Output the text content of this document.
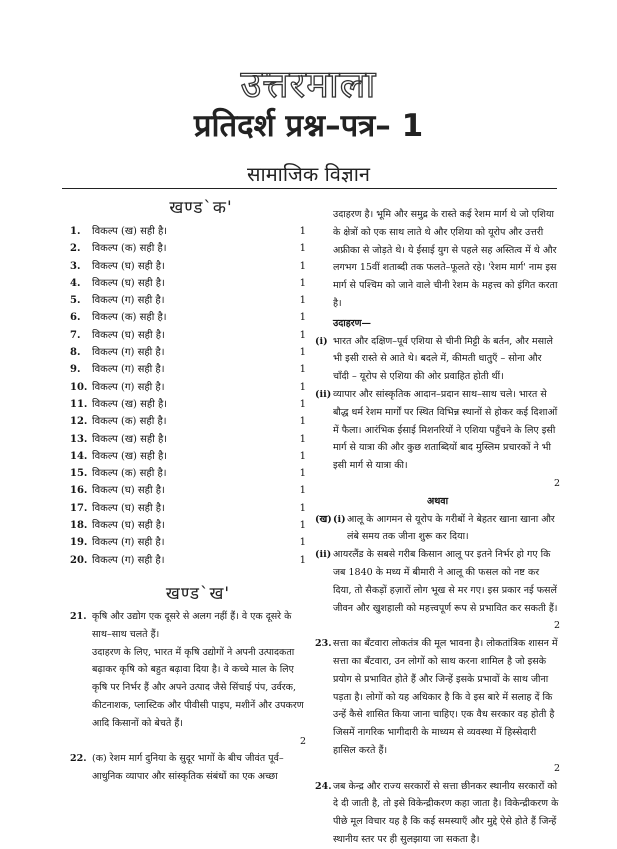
उत्तरमाला
प्रतिदर्श प्रश्न–पत्र– 1
सामाजिक विज्ञान
खण्ड`क'
1.	विकल्प (ख) सही है।	1
2.	विकल्प (क) सही है।	1
3.	विकल्प (घ) सही है।	1
4.	विकल्प (घ) सही है।	1
5.	विकल्प (ग) सही है।	1
6.	विकल्प (क) सही है।	1
7.	विकल्प (घ) सही है।	1
8.	विकल्प (ग) सही है।	1
9.	विकल्प (ग) सही है।	1
10. विकल्प (ग) सही है।	1
11. विकल्प (ख) सही है।	1
12. विकल्प (क) सही है।	1
13. विकल्प (ख) सही है।	1
14. विकल्प (ख) सही है।	1
15. विकल्प (क) सही है।	1
16. विकल्प (घ) सही है।	1
17. विकल्प (घ) सही है।	1
18. विकल्प (घ) सही है।	1
19. विकल्प (ग) सही है।	1
20. विकल्प (ग) सही है।	1
खण्ड`ख'
21. कृषि और उद्योग एक दूसरे से अलग नहीं हैं। वे एक दूसरे के साथ–साथ चलते हैं।
उदाहरण के लिए, भारत में कृषि उद्योगों ने अपनी उत्पादकता बढ़ाकर कृषि को बहुत बढ़ावा दिया है। वे कच्चे माल के लिए कृषि पर निर्भर हैं और अपने उत्पाद जैसे सिंचाई पंप, उर्वरक, कीटनाशक, प्लास्टिक और पीवीसी पाइप, मशीनें और उपकरण आदि किसानों को बेचते हैं।
2
22. (क) रेशम मार्ग दुनिया के सुदूर भागों के बीच जीवंत पूर्व–आधुनिक व्यापार और सांस्कृतिक संबंधों का एक अच्छा

उदाहरण है। भूमि और समुद्र के रास्ते कई रेशम मार्ग थे जो एशिया के क्षेत्रों को एक साथ लाते थे और एशिया को यूरोप और उत्तरी अफ्रीका से जोड़ते थे। ये ईसाई युग से पहले सह अस्तित्व में थे और लगभग 15वीं शताब्दी तक फलते–फूलते रहे। 'रेशम मार्ग' नाम इस मार्ग से पश्चिम को जाने वाले चीनी रेशम के महत्त्व को इंगित करता है।

उदाहरण—

(i) भारत और दक्षिण–पूर्व एशिया से चीनी मिट्टी के बर्तन, और मसाले भी इसी रास्ते से आते थे। बदले में, कीमती धातुएँ – सोना और चाँदी – यूरोप से एशिया की ओर प्रवाहित होती थीं।
(ii) व्यापार और सांस्कृतिक आदान–प्रदान साथ–साथ चले। भारत से बौद्ध धर्म रेशम मार्गों पर स्थित विभिन्न स्थानों से होकर कई दिशाओं में फैला। आरंभिक ईसाई मिशनरियों ने एशिया पहुँचने के लिए इसी मार्ग से यात्रा की और कुछ शताब्दियों बाद मुस्लिम प्रचारकों ने भी इसी मार्ग से यात्रा की।
2
अथवा
(ख) (i) आलू के आगमन से यूरोप के गरीबों ने बेहतर खाना खाना और लंबे समय तक जीना शुरू कर दिया।
(ii) आयरलैंड के सबसे गरीब किसान आलू पर इतने निर्भर हो गए कि जब 1840 के मध्य में बीमारी ने आलू की फसल को नष्ट कर दिया, तो सैकड़ों हज़ारों लोग भूख से मर गए। इस प्रकार नई फसलें जीवन और खुशहाली को महत्त्वपूर्ण रूप से प्रभावित कर सकती हैं।
2
23. सत्ता का बँटवारा लोकतंत्र की मूल भावना है। लोकतांत्रिक शासन में सत्ता का बँटवारा, उन लोगों को साथ करना शामिल है जो इसके प्रयोग से प्रभावित होते हैं और जिन्हें इसके प्रभावों के साथ जीना पड़ता है। लोगों को यह अधिकार है कि वे इस बारे में सलाह दें कि उन्हें कैसे शासित किया जाना चाहिए। एक वैध सरकार वह होती है जिसमें नागरिक भागीदारी के माध्यम से व्यवस्था में हिस्सेदारी हासिल करते हैं।
2
24. जब केन्द्र और राज्य सरकारों से सत्ता छीनकर स्थानीय सरकारों को दे दी जाती है, तो इसे विकेन्द्रीकरण कहा जाता है। विकेन्द्रीकरण के पीछे मूल विचार यह है कि कई समस्याएँ और मुद्दे ऐसे होते हैं जिन्हें स्थानीय स्तर पर ही सुलझाया जा सकता है।
